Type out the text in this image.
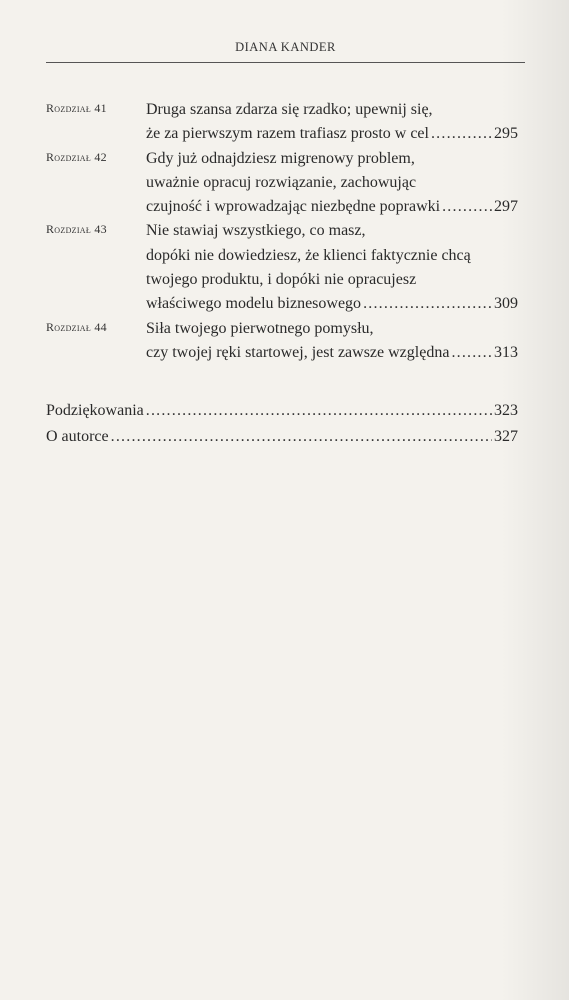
DIANA KANDER
Rozdział 41 Druga szansa zdarza się rzadko; upewnij się,
że za pierwszym razem trafiasz prosto w cel .....	295
Rozdział 42 Gdy już odnajdziesz migrenowy problem,
uważnie opracuj rozwiązanie, zachowując
czujność i wprowadzając niezbędne poprawki .....	297
Rozdział 43 Nie stawiaj wszystkiego, co masz,
dopóki nie dowiedziesz, że klienci faktycznie chcą
twojego produktu, i dopóki nie opracujesz
właściwego modelu biznesowego .....	309
Rozdział 44 Siła twojego pierwotnego pomysłu,
czy twojej ręki startowej, jest zawsze względna .....	313
Podziękowania .....	323
O autorce .....	327
